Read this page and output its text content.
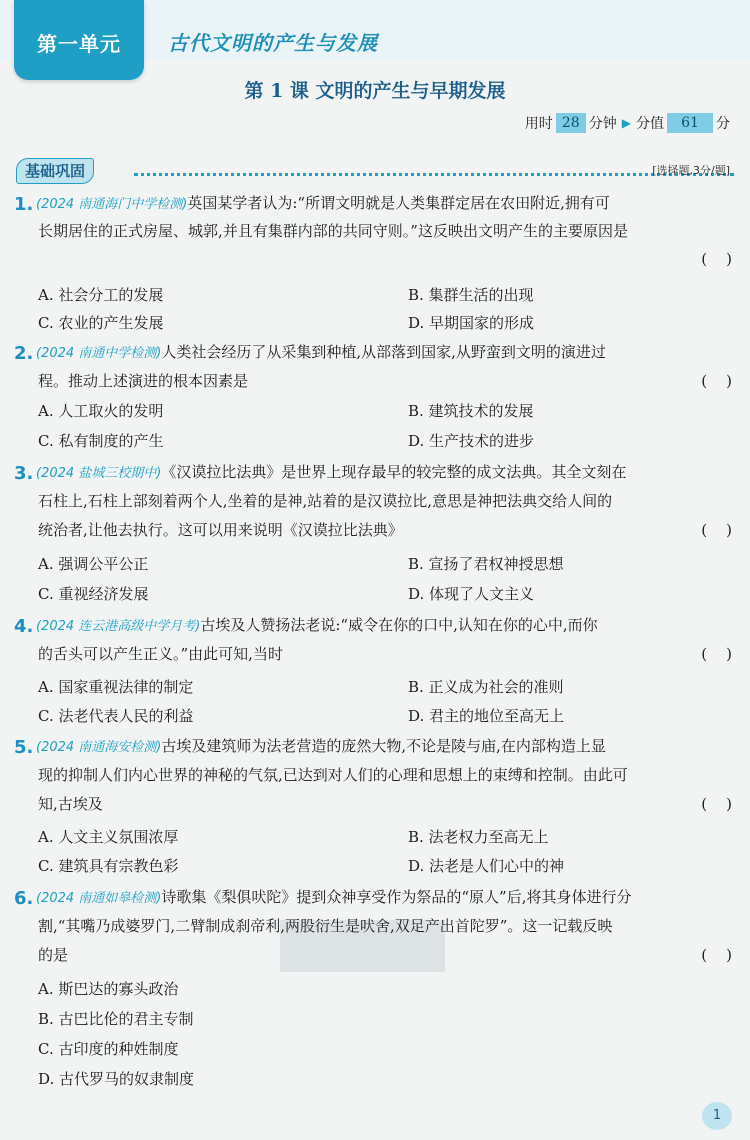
第一单元	古代文明的产生与发展
第 1 课 文明的产生与早期发展
用时 28 分钟 ▶ 分值	61	分
基础巩固	[选择题,3分/题]
1. (2024 南通海门中学检测)英国某学者认为:“所谓文明就是人类集群定居在农田附近,拥有可
长期居住的正式房屋、城郭,并且有集群内部的共同守则。”这反映出文明产生的主要原因是
(    )
A. 社会分工的发展	B. 集群生活的出现
C. 农业的产生发展	D. 早期国家的形成
2. (2024 南通中学检测)人类社会经历了从采集到种植,从部落到国家,从野蛮到文明的演进过
程。推动上述演进的根本因素是	(    )
A. 人工取火的发明	B. 建筑技术的发展
C. 私有制度的产生	D. 生产技术的进步
3. (2024 盐城三校期中)《汉谟拉比法典》是世界上现存最早的较完整的成文法典。其全文刻在
石柱上,石柱上部刻着两个人,坐着的是神,站着的是汉谟拉比,意思是神把法典交给人间的
统治者,让他去执行。这可以用来说明《汉谟拉比法典》	(    )
A. 强调公平公正	B. 宣扬了君权神授思想
C. 重视经济发展	D. 体现了人文主义
4. (2024 连云港高级中学月考)古埃及人赞扬法老说:“威令在你的口中,认知在你的心中,而你
的舌头可以产生正义。”由此可知,当时	(    )
A. 国家重视法律的制定	B. 正义成为社会的准则
C. 法老代表人民的利益	D. 君主的地位至高无上
5. (2024 南通海安检测)古埃及建筑师为法老营造的庞然大物,不论是陵与庙,在内部构造上显
现的抑制人们内心世界的神秘的气氛,已达到对人们的心理和思想上的束缚和控制。由此可
知,古埃及	(    )
A. 人文主义氛围浓厚	B. 法老权力至高无上
C. 建筑具有宗教色彩	D. 法老是人们心中的神
6. (2024 南通如皋检测)诗歌集《梨俱吠陀》提到众神享受作为祭品的“原人”后,将其身体进行分
割,“其嘴乃成婆罗门,二臂制成刹帝利,两股衍生是吠舍,双足产出首陀罗”。这一记载反映
的是	(    )
A. 斯巴达的寡头政治
B. 古巴比伦的君主专制
C. 古印度的种姓制度
D. 古代罗马的奴隶制度
1
